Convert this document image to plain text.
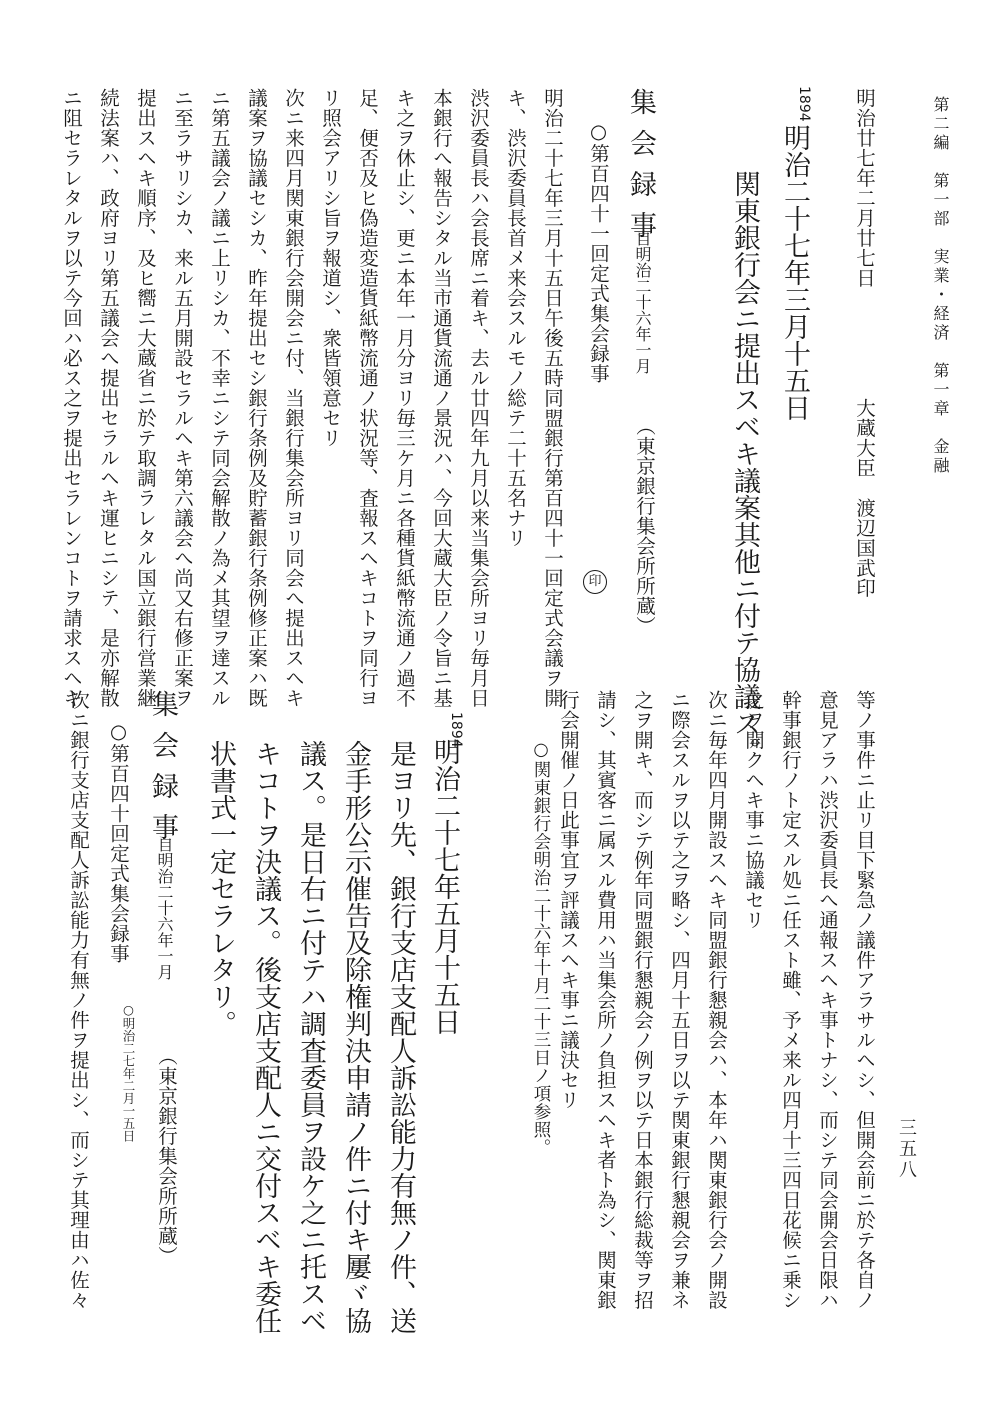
第二編　第一部　実業・経済　第一章　金融
三五八
明治廿七年二月廿七日
大蔵大臣　渡辺国武印
1894
明治二十七年三月十五日
関東銀行会ニ提出スベキ議案其他ニ付テ協議ス。
集会録事
自明治二十六年一月
（東京銀行集会所所蔵）
○第百四十一回定式集会録事
印
明治二十七年三月十五日午後五時同盟銀行第百四十一回定式会議ヲ開
キ、渋沢委員長首メ来会スルモノ総テ二十五名ナリ
渋沢委員長ハ会長席ニ着キ、去ル廿四年九月以来当集会所ヨリ毎月日
本銀行へ報告シタル当市通貨流通ノ景況ハ、今回大蔵大臣ノ令旨ニ基
キ之ヲ休止シ、更ニ本年一月分ヨリ毎三ケ月ニ各種貨紙幣流通ノ過不
足、便否及ヒ偽造変造貨紙幣流通ノ状況等、査報スヘキコトヲ同行ヨ
リ照会アリシ旨ヲ報道シ、衆皆領意セリ
次ニ来四月関東銀行会開会ニ付、当銀行集会所ヨリ同会へ提出スヘキ
議案ヲ協議セシカ、昨年提出セシ銀行条例及貯蓄銀行条例修正案ハ既
ニ第五議会ノ議ニ上リシカ、不幸ニシテ同会解散ノ為メ其望ヲ達スル
ニ至ラサリシカ、来ル五月開設セラルヘキ第六議会へ尚又右修正案ヲ
提出スヘキ順序、及ヒ嚮ニ大蔵省ニ於テ取調ラレタル国立銀行営業継
続法案ハ、政府ヨリ第五議会へ提出セラルヘキ運ヒニシテ、是亦解散
ニ阻セラレタルヲ以テ今回ハ必ス之ヲ提出セラレンコトヲ請求スヘキ
等ノ事件ニ止リ目下緊急ノ議件アラサルヘシ、但開会前ニ於テ各自ノ
意見アラハ渋沢委員長へ通報スヘキ事トナシ、而シテ同会開会日限ハ
幹事銀行ノト定スル処ニ任スト雖、予メ来ル四月十三四日花候ニ乗シ
之ヲ開クヘキ事ニ協議セリ
次ニ毎年四月開設スヘキ同盟銀行懇親会ハ、本年ハ関東銀行会ノ開設
ニ際会スルヲ以テ之ヲ略シ、四月十五日ヲ以テ関東銀行懇親会ヲ兼ネ
之ヲ開キ、而シテ例年同盟銀行懇親会ノ例ヲ以テ日本銀行総裁等ヲ招
請シ、其賓客ニ属スル費用ハ当集会所ノ負担スヘキ者ト為シ、関東銀
行会開催ノ日此事宜ヲ評議スヘキ事ニ議決セリ
○関東銀行会明治二十六年十月二十三日ノ項参照。
1894
明治二十七年五月十五日
是ヨリ先、銀行支店支配人訴訟能力有無ノ件、送
金手形公示催告及除権判決申請ノ件ニ付キ屢ヾ協
議ス。是日右ニ付テハ調査委員ヲ設ケ之ニ托スベ
キコトヲ決議ス。後支店支配人ニ交付スベキ委任
状書式一定セラレタリ。
集会録事
自明治二十六年一月
（東京銀行集会所所蔵）
○第百四十回定式集会録事
○明治二七年二月一五日
次ニ銀行支店支配人訴訟能力有無ノ件ヲ提出シ、而シテ其理由ハ佐々
